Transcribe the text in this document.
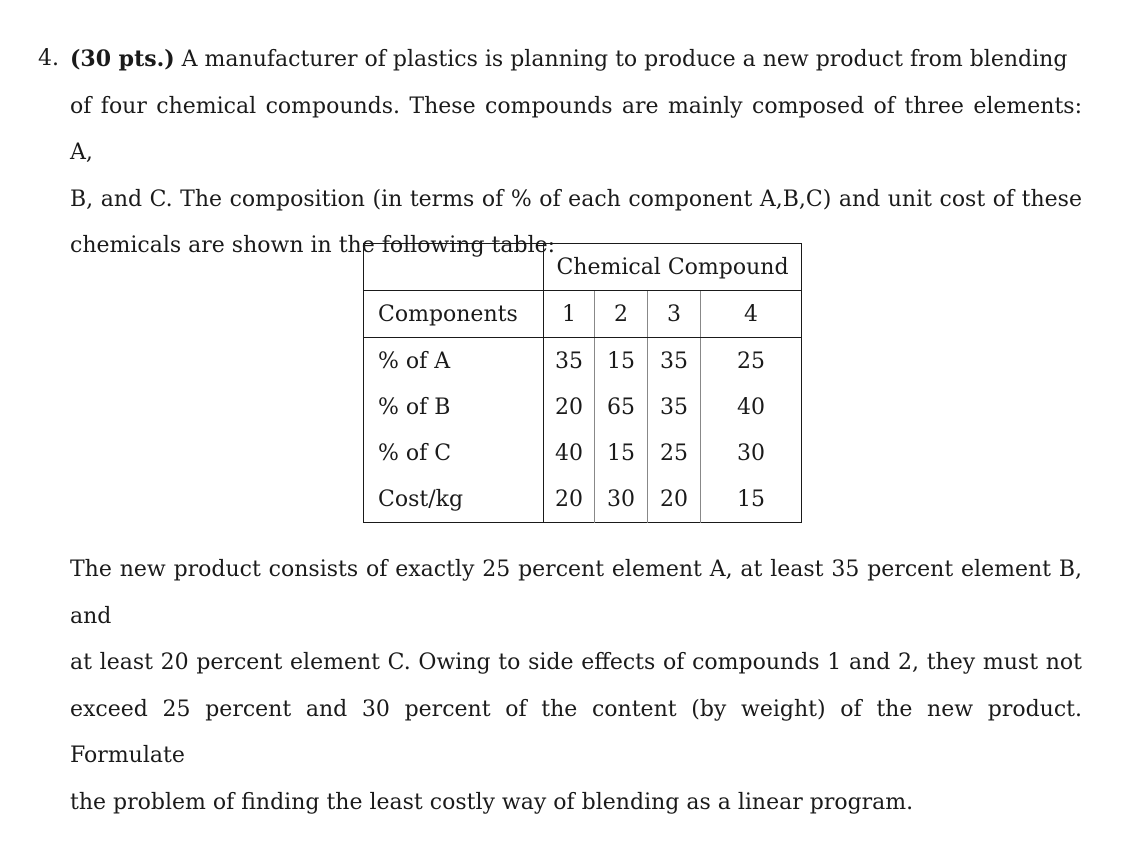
4. (30 pts.) A manufacturer of plastics is planning to produce a new product from blending
of four chemical compounds. These compounds are mainly composed of three elements: A,
B, and C. The composition (in terms of % of each component A,B,C) and unit cost of these
chemicals are shown in the following table:
	Chemical Compound			
Components	1	2	3	4
% of A	35	15	35	25
% of B	20	65	35	40
% of C	40	15	25	30
Cost/kg	20	30	20	15
The new product consists of exactly 25 percent element A, at least 35 percent element B, and
at least 20 percent element C. Owing to side effects of compounds 1 and 2, they must not
exceed 25 percent and 30 percent of the content (by weight) of the new product. Formulate
the problem of finding the least costly way of blending as a linear program.
